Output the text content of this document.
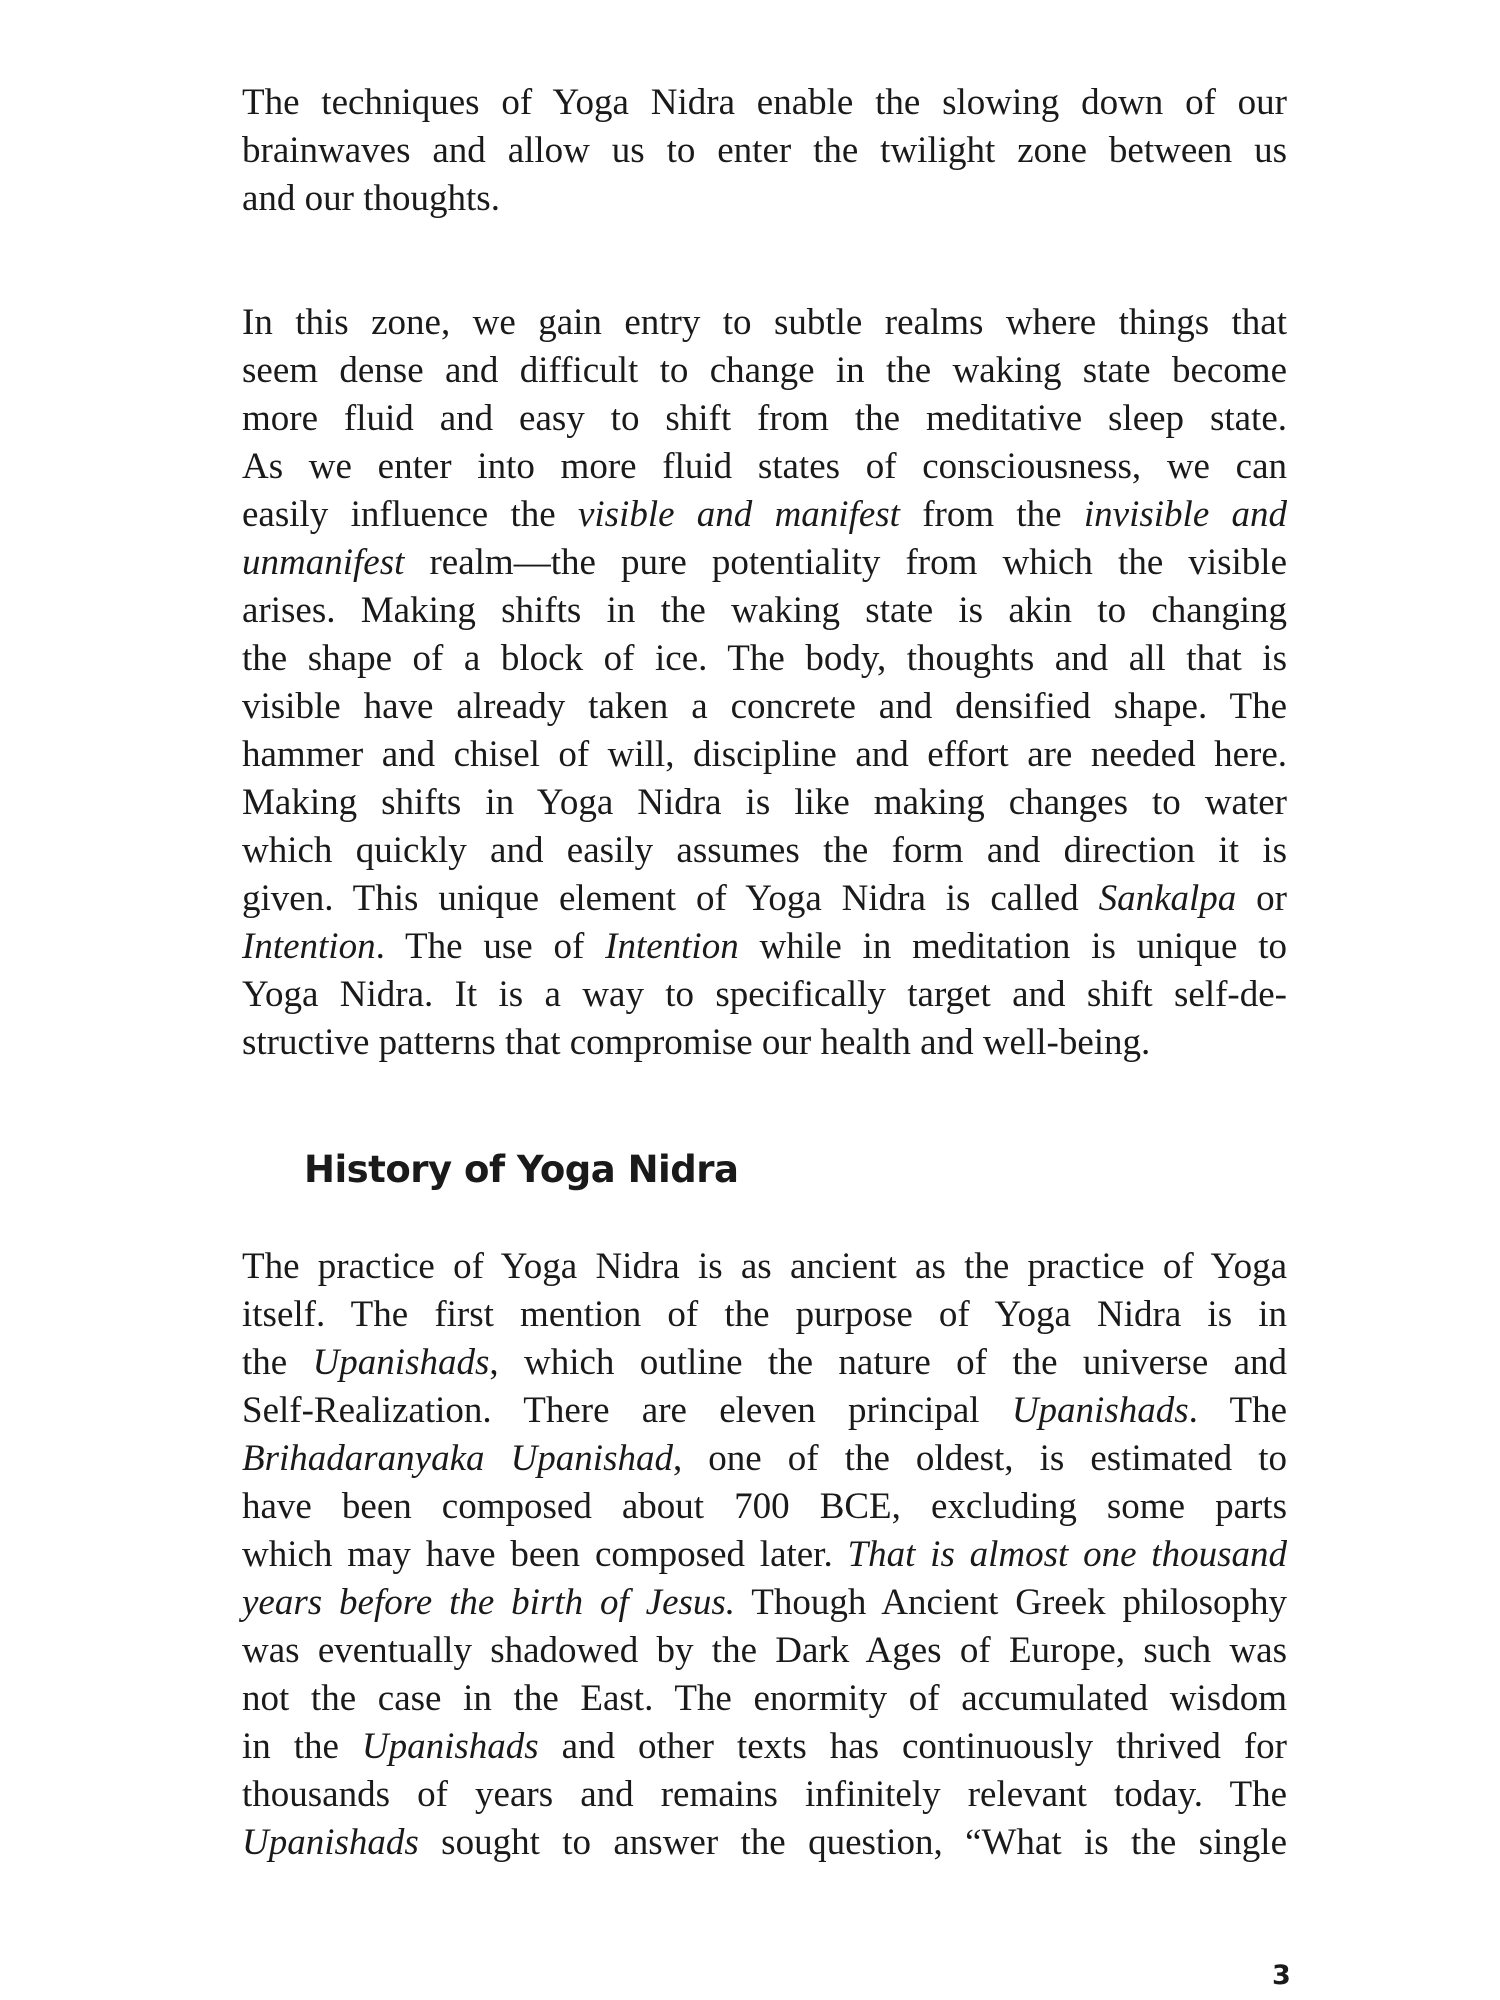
The techniques of Yoga Nidra enable the slowing down of our
brainwaves and allow us to enter the twilight zone between us
and our thoughts.
In this zone, we gain entry to subtle realms where things that
seem dense and difficult to change in the waking state become
more fluid and easy to shift from the meditative sleep state.
As we enter into more fluid states of consciousness, we can
easily influence the visible and manifest from the invisible and
unmanifest realm—the pure potentiality from which the visible
arises. Making shifts in the waking state is akin to changing
the shape of a block of ice. The body, thoughts and all that is
visible have already taken a concrete and densified shape. The
hammer and chisel of will, discipline and effort are needed here.
Making shifts in Yoga Nidra is like making changes to water
which quickly and easily assumes the form and direction it is
given. This unique element of Yoga Nidra is called Sankalpa or
Intention. The use of Intention while in meditation is unique to
Yoga Nidra. It is a way to specifically target and shift self-de-
structive patterns that compromise our health and well-being.
History of Yoga Nidra
The practice of Yoga Nidra is as ancient as the practice of Yoga
itself. The first mention of the purpose of Yoga Nidra is in
the Upanishads, which outline the nature of the universe and
Self-Realization. There are eleven principal Upanishads. The
Brihadaranyaka Upanishad, one of the oldest, is estimated to
have been composed about 700 BCE, excluding some parts
which may have been composed later. That is almost one thousand
years before the birth of Jesus. Though Ancient Greek philosophy
was eventually shadowed by the Dark Ages of Europe, such was
not the case in the East. The enormity of accumulated wisdom
in the Upanishads and other texts has continuously thrived for
thousands of years and remains infinitely relevant today. The
Upanishads sought to answer the question, “What is the single
3
